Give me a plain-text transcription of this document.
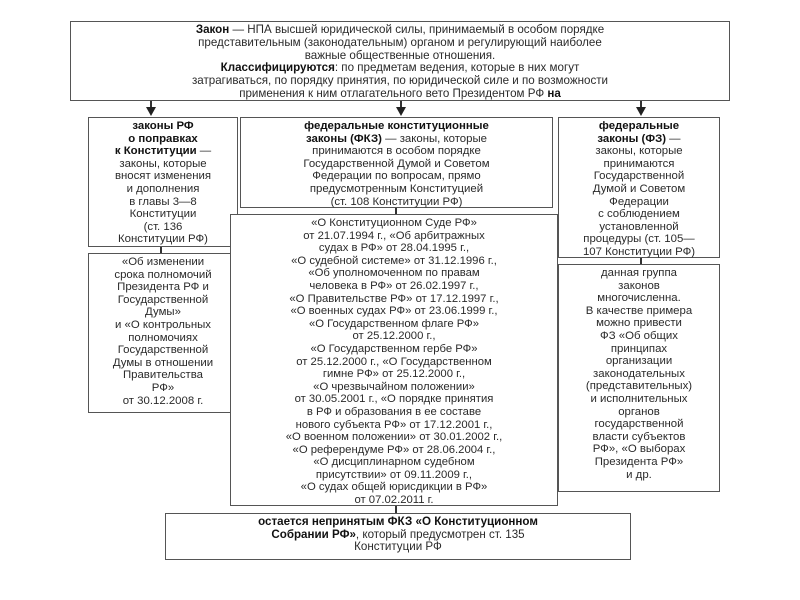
Закон — НПА высшей юридической силы, принимаемый в особом порядке
представительным (законодательным) органом и регулирующий наиболее
важные общественные отношения.
Классифицируются: по предметам ведения, которые в них могут
затрагиваться, по порядку принятия, по юридической силе и по возможности
применения к ним отлагательного вето Президентом РФ на
законы РФ
о поправках
к Конституции —
законы, которые
вносят изменения
и дополнения
в главы 3—8
Конституции
(ст. 136
Конституции РФ)
«Об изменении
срока полномочий
Президента РФ и
Государственной
Думы»
и «О контрольных
полномочиях
Государственной
Думы в отношении
Правительства
РФ»
от 30.12.2008 г.
федеральные конституционные
законы (ФКЗ) — законы, которые
принимаются в особом порядке
Государственной Думой и Советом
Федерации по вопросам, прямо
предусмотренным Конституцией
(ст. 108 Конституции РФ)
«О Конституционном Суде РФ»
от 21.07.1994 г., «Об арбитражных
судах в РФ» от 28.04.1995 г.,
«О судебной системе» от 31.12.1996 г.,
«Об уполномоченном по правам
человека в РФ» от 26.02.1997 г.,
«О Правительстве РФ» от 17.12.1997 г.,
«О военных судах РФ» от 23.06.1999 г.,
«О Государственном флаге РФ»
от 25.12.2000 г.,
«О Государственном гербе РФ»
от 25.12.2000 г., «О Государственном
гимне РФ» от 25.12.2000 г.,
«О чрезвычайном положении»
от 30.05.2001 г., «О порядке принятия
в РФ и образования в ее составе
нового субъекта РФ» от 17.12.2001 г.,
«О военном положении» от 30.01.2002 г.,
«О референдуме РФ» от 28.06.2004 г.,
«О дисциплинарном судебном
присутствии» от 09.11.2009 г.,
«О судах общей юрисдикции в РФ»
от 07.02.2011 г.
федеральные
законы (ФЗ) —
законы, которые
принимаются
Государственной
Думой и Советом
Федерации
с соблюдением
установленной
процедуры (ст. 105—
107 Конституции РФ)
данная группа
законов
многочисленна.
В качестве примера
можно привести
ФЗ «Об общих
принципах
организации
законодательных
(представительных)
и исполнительных
органов
государственной
власти субъектов
РФ», «О выборах
Президента РФ»
и др.
остается непринятым ФКЗ «О Конституционном
Собрании РФ», который предусмотрен ст. 135
Конституции РФ
